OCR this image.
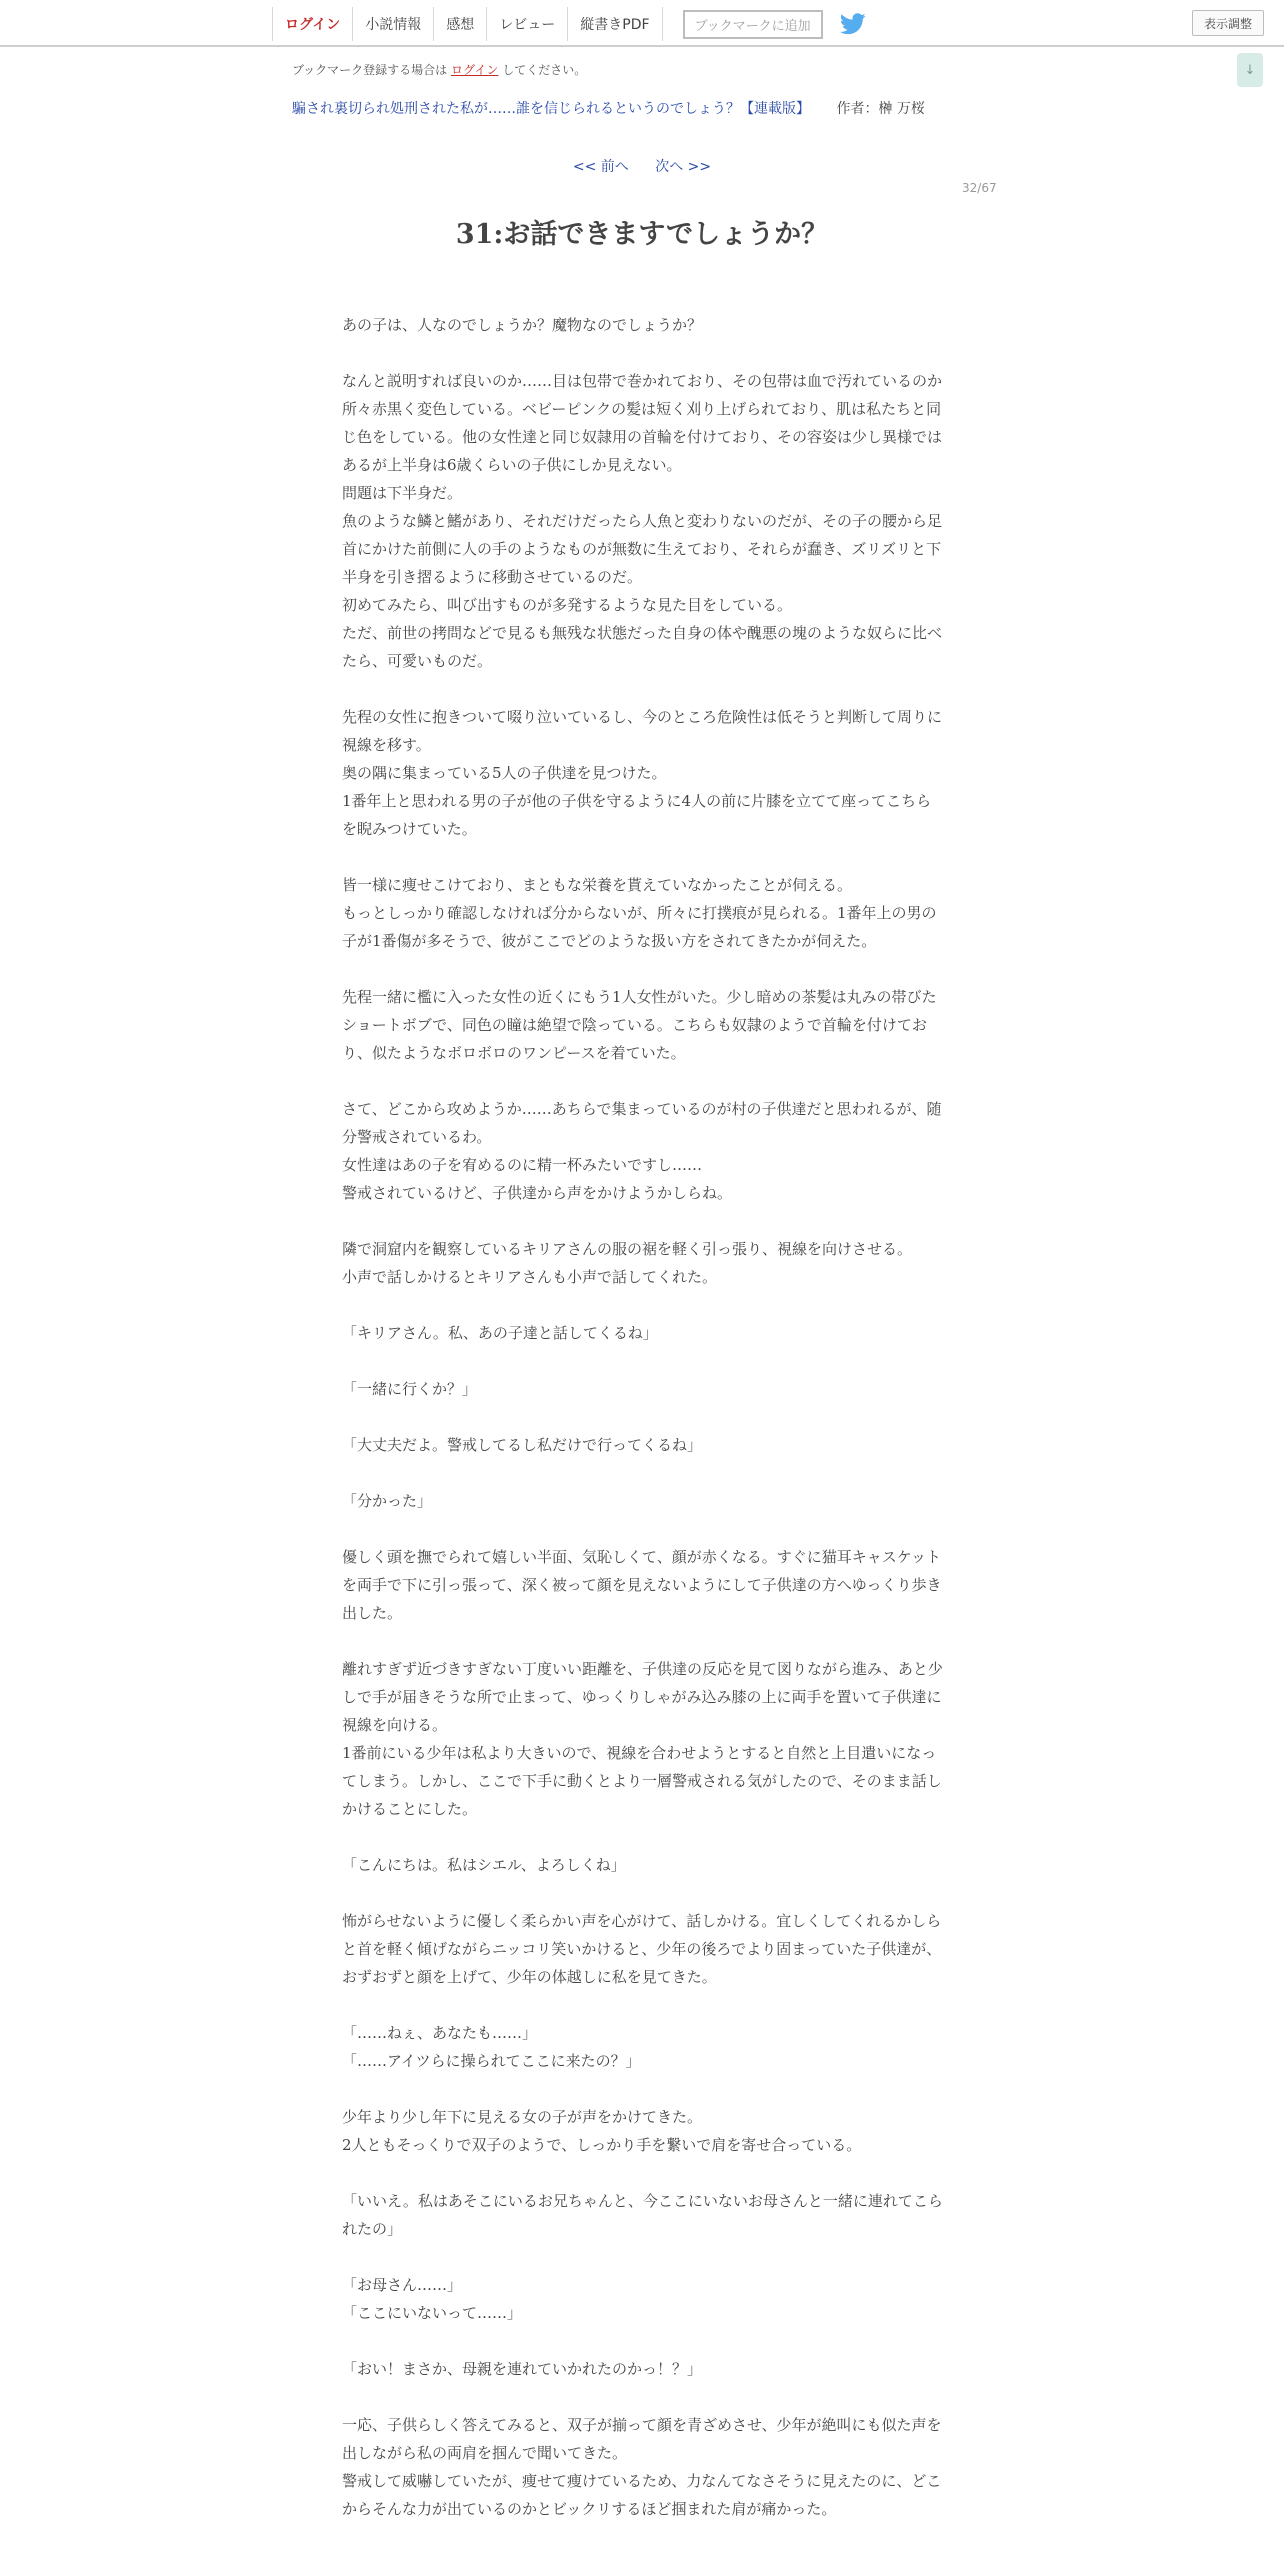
ログイン	小説情報	感想	レビュー	縦書きPDF	ブックマークに追加	表示調整
↓
ブックマーク登録する場合は ログイン してください。
騙され裏切られ処刑された私が……誰を信じられるというのでしょう？【連載版】 作者：榊 万桜
<< 前へ 次へ >>
32/67
31:お話できますでしょうか？

あの子は、人なのでしょうか？魔物なのでしょうか？

なんと説明すれば良いのか……目は包帯で巻かれており、その包帯は血で汚れているのか所々赤黒く変色している。ベビーピンクの髪は短く刈り上げられており、肌は私たちと同じ色をしている。他の女性達と同じ奴隷用の首輪を付けており、その容姿は少し異様ではあるが上半身は6歳くらいの子供にしか見えない。

問題は下半身だ。

魚のような鱗と鰭があり、それだけだったら人魚と変わりないのだが、その子の腰から足首にかけた前側に人の手のようなものが無数に生えており、それらが蠢き、ズリズリと下半身を引き摺るように移動させているのだ。

初めてみたら、叫び出すものが多発するような見た目をしている。

ただ、前世の拷問などで見るも無残な状態だった自身の体や醜悪の塊のような奴らに比べたら、可愛いものだ。

先程の女性に抱きついて啜り泣いているし、今のところ危険性は低そうと判断して周りに視線を移す。

奥の隅に集まっている5人の子供達を見つけた。

1番年上と思われる男の子が他の子供を守るように4人の前に片膝を立てて座ってこちらを睨みつけていた。

皆一様に痩せこけており、まともな栄養を貰えていなかったことが伺える。

もっとしっかり確認しなければ分からないが、所々に打撲痕が見られる。1番年上の男の子が1番傷が多そうで、彼がここでどのような扱い方をされてきたかが伺えた。

先程一緒に檻に入った女性の近くにもう1人女性がいた。少し暗めの茶髪は丸みの帯びたショートボブで、同色の瞳は絶望で陰っている。こちらも奴隷のようで首輪を付けており、似たようなボロボロのワンピースを着ていた。

さて、どこから攻めようか……あちらで集まっているのが村の子供達だと思われるが、随分警戒されているわ。

女性達はあの子を宥めるのに精一杯みたいですし……

警戒されているけど、子供達から声をかけようかしらね。

隣で洞窟内を観察しているキリアさんの服の裾を軽く引っ張り、視線を向けさせる。

小声で話しかけるとキリアさんも小声で話してくれた。

「キリアさん。私、あの子達と話してくるね」

「一緒に行くか？」

「大丈夫だよ。警戒してるし私だけで行ってくるね」

「分かった」

優しく頭を撫でられて嬉しい半面、気恥しくて、顔が赤くなる。すぐに猫耳キャスケットを両手で下に引っ張って、深く被って顔を見えないようにして子供達の方へゆっくり歩き出した。

離れすぎず近づきすぎない丁度いい距離を、子供達の反応を見て図りながら進み、あと少しで手が届きそうな所で止まって、ゆっくりしゃがみ込み膝の上に両手を置いて子供達に視線を向ける。

1番前にいる少年は私より大きいので、視線を合わせようとすると自然と上目遣いになってしまう。しかし、ここで下手に動くとより一層警戒される気がしたので、そのまま話しかけることにした。

「こんにちは。私はシエル、よろしくね」

怖がらせないように優しく柔らかい声を心がけて、話しかける。宜しくしてくれるかしらと首を軽く傾げながらニッコリ笑いかけると、少年の後ろでより固まっていた子供達が、おずおずと顔を上げて、少年の体越しに私を見てきた。

「……ねぇ、あなたも……」

「……アイツらに操られてここに来たの？」

少年より少し年下に見える女の子が声をかけてきた。

2人ともそっくりで双子のようで、しっかり手を繋いで肩を寄せ合っている。

「いいえ。私はあそこにいるお兄ちゃんと、今ここにいないお母さんと一緒に連れてこられたの」

「お母さん……」

「ここにいないって……」

「おい！まさか、母親を連れていかれたのかっ！？」

一応、子供らしく答えてみると、双子が揃って顔を青ざめさせ、少年が絶叫にも似た声を出しながら私の両肩を掴んで聞いてきた。

警戒して威嚇していたが、痩せて痩けているため、力なんてなさそうに見えたのに、どこからそんな力が出ているのかとビックリするほど掴まれた肩が痛かった。
